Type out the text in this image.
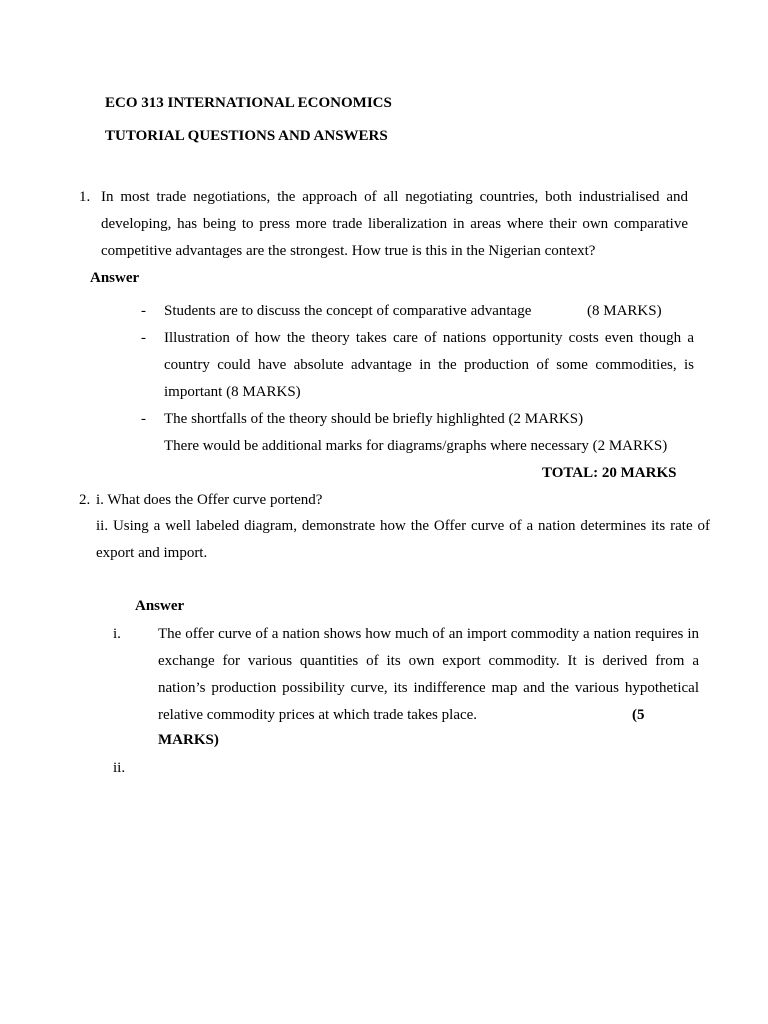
ECO 313 INTERNATIONAL ECONOMICS
TUTORIAL QUESTIONS AND ANSWERS
1. In most trade negotiations, the approach of all negotiating countries, both industrialised and
developing, has being to press more trade liberalization in areas where their own comparative
competitive advantages are the strongest. How true is this in the Nigerian context?
Answer
- Students are to discuss the concept of comparative advantage	(8 MARKS)
- Illustration of how the theory takes care of nations opportunity costs even though a
country could have absolute advantage in the production of some commodities, is
important (8 MARKS)
- The shortfalls of the theory should be briefly highlighted (2 MARKS)
There would be additional marks for diagrams/graphs where necessary (2 MARKS)
TOTAL: 20 MARKS
2. i. What does the Offer curve portend?
ii. Using a well labeled diagram, demonstrate how the Offer curve of a nation determines its rate of
export and import.
Answer
i. The offer curve of a nation shows how much of an import commodity a nation requires in
exchange for various quantities of its own export commodity. It is derived from a
nation’s production possibility curve, its indifference map and the various hypothetical
relative commodity prices at which trade takes place.	(5
MARKS)
ii.
